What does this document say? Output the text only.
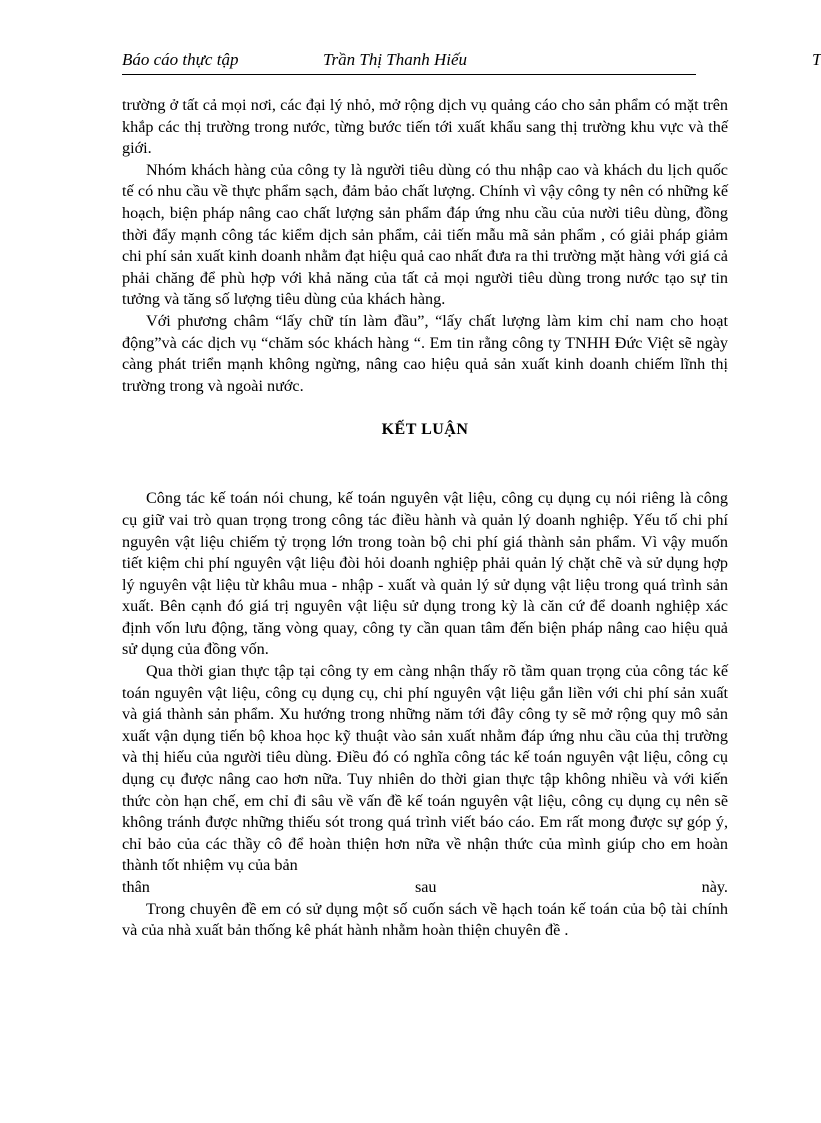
Báo cáo thực tập	Trần Thị Thanh Hiếu	T

trường ở tất cả mọi nơi, các đại lý nhỏ, mở rộng dịch vụ quảng cáo cho sản phẩm có mặt trên khắp các thị trường trong nước, từng bước tiến tới xuất khẩu sang thị trường khu vực và thế giới.

Nhóm khách hàng của công ty là người tiêu dùng có thu nhập cao và khách du lịch quốc tế có nhu cầu về thực phẩm sạch, đảm bảo chất lượng. Chính vì vậy công ty nên có những kế hoạch, biện pháp nâng cao chất lượng sản phẩm đáp ứng nhu cầu của nười tiêu dùng, đồng thời đẩy mạnh công tác kiểm dịch sản phẩm, cải tiến mẫu mã sản phẩm , có giải pháp giảm chi phí sản xuất kinh doanh nhằm đạt hiệu quả cao nhất đưa ra thi trường mặt hàng với giá cả phải chăng để phù hợp với khả năng của tất cả mọi người tiêu dùng trong nước tạo sự tin tưởng và tăng số lượng tiêu dùng của khách hàng.

Với phương châm “lấy chữ tín làm đầu”, “lấy chất lượng làm kim chỉ nam cho hoạt động”và các dịch vụ “chăm sóc khách hàng “. Em tin rằng công ty TNHH Đức Việt sẽ ngày càng phát triển mạnh không ngừng, nâng cao hiệu quả sản xuất kinh doanh chiếm lĩnh thị trường trong và ngoài nước.

KẾT LUẬN

Công tác kế toán nói chung, kế toán nguyên vật liệu, công cụ dụng cụ nói riêng là công cụ giữ vai trò quan trọng trong công tác điều hành và quản lý doanh nghiệp. Yếu tố chi phí nguyên vật liệu chiếm tỷ trọng lớn trong toàn bộ chi phí giá thành sản phẩm. Vì vậy muốn tiết kiệm chi phí nguyên vật liệu đòi hỏi doanh nghiệp phải quản lý chặt chẽ và sử dụng hợp lý nguyên vật liệu từ khâu mua - nhập - xuất và quản lý sử dụng vật liệu trong quá trình sản xuất. Bên cạnh đó giá trị nguyên vật liệu sử dụng trong kỳ là căn cứ để doanh nghiệp xác định vốn lưu động, tăng vòng quay, công ty cần quan tâm đến biện pháp nâng cao hiệu quả sử dụng của đồng vốn.

Qua thời gian thực tập tại công ty em càng nhận thấy rõ tầm quan trọng của công tác kế toán nguyên vật liệu, công cụ dụng cụ, chi phí nguyên vật liệu gắn liền với chi phí sản xuất và giá thành sản phẩm. Xu hướng trong những năm tới đây công ty sẽ mở rộng quy mô sản xuất vận dụng tiến bộ khoa học kỹ thuật vào sản xuất nhằm đáp ứng nhu cầu của thị trường và thị hiếu của người tiêu dùng. Điều đó có nghĩa công tác kế toán nguyên vật liệu, công cụ dụng cụ được nâng cao hơn nữa. Tuy nhiên do thời gian thực tập không nhiều và với kiến thức còn hạn chế, em chỉ đi sâu về vấn đề kế toán nguyên vật liệu, công cụ dụng cụ nên sẽ không tránh được những thiếu sót trong quá trình viết báo cáo. Em rất mong được sự góp ý, chỉ bảo của các thầy cô để hoàn thiện hơn nữa về nhận thức của mình giúp cho em hoàn thành tốt nhiệm vụ của bản

thân	sau	này.

Trong chuyên đề em có sử dụng một số cuốn sách về hạch toán kế toán của bộ tài chính và của nhà xuất bản thống kê phát hành nhằm hoàn thiện chuyên đề .
